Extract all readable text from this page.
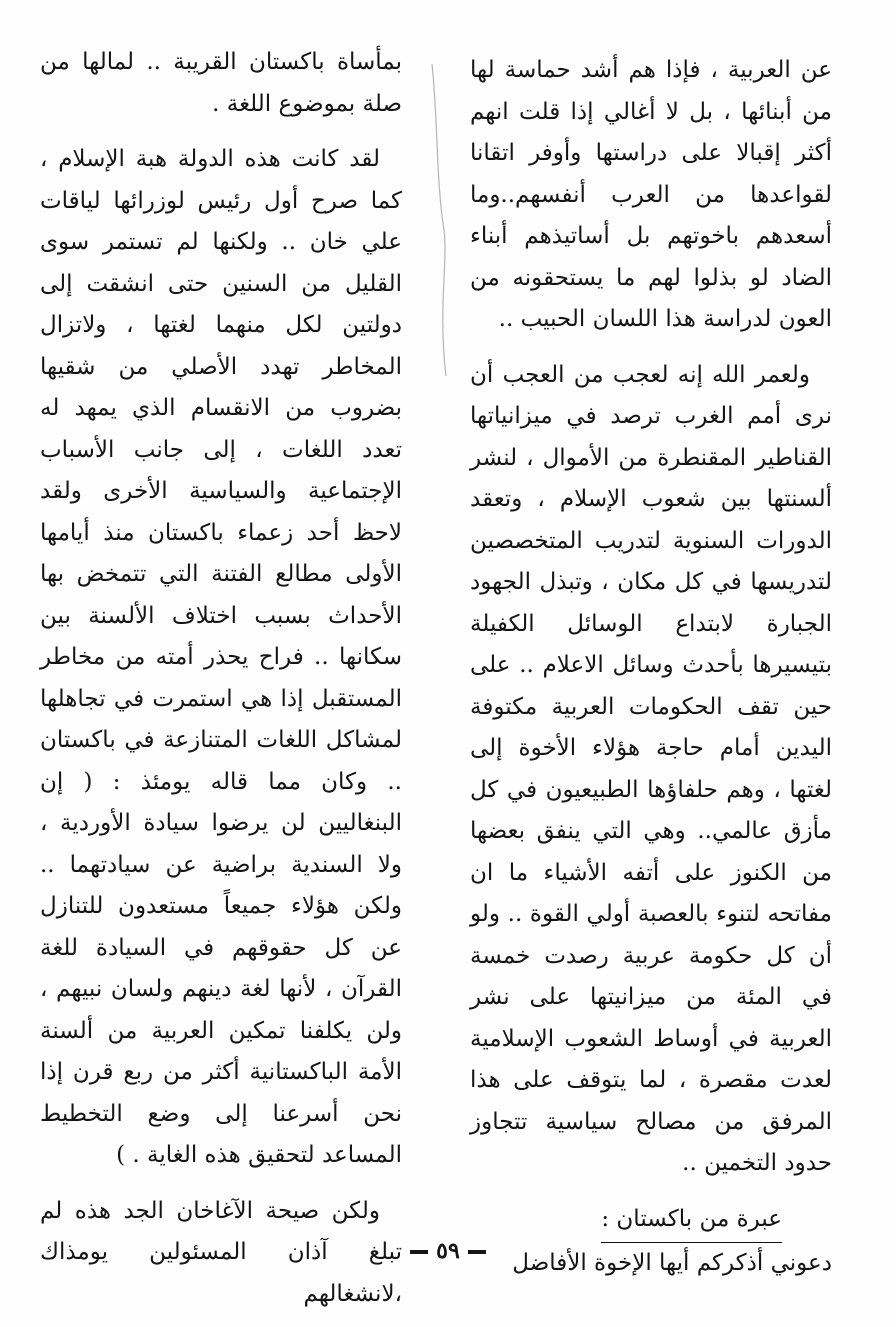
عن العربية ، فإذا هم أشد حماسة لها من أبنائها ، بل لا أغالي إذا قلت انهم أكثر إقبالا على دراستها وأوفر اتقانا لقواعدها من العرب أنفسهم..وما أسعدهم باخوتهم بل أساتيذهم أبناء الضاد لو بذلوا لهم ما يستحقونه من العون لدراسة هذا اللسان الحبيب ..

ولعمر الله إنه لعجب من العجب أن نرى أمم الغرب ترصد في ميزانياتها القناطير المقنطرة من الأموال ، لنشر ألسنتها بين شعوب الإسلام ، وتعقد الدورات السنوية لتدريب المتخصصين لتدريسها في كل مكان ، وتبذل الجهود الجبارة لابتداع الوسائل الكفيلة بتيسيرها بأحدث وسائل الاعلام .. على حين تقف الحكومات العربية مكتوفة اليدين أمام حاجة هؤلاء الأخوة إلى لغتها ، وهم حلفاؤها الطبيعيون في كل مأزق عالمي.. وهي التي ينفق بعضها من الكنوز على أتفه الأشياء ما ان مفاتحه لتنوء بالعصبة أولي القوة .. ولو أن كل حكومة عربية رصدت خمسة في المئة من ميزانيتها على نشر العربية في أوساط الشعوب الإسلامية لعدت مقصرة ، لما يتوقف على هذا المرفق من مصالح سياسية تتجاوز حدود التخمين ..

عبرة من باكستان :

دعوني أذكركم أيها الإخوة الأفاضل

بمأساة باكستان القريبة .. لمالها من صلة بموضوع اللغة .

لقد كانت هذه الدولة هبة الإسلام ، كما صرح أول رئيس لوزرائها لياقات علي خان .. ولكنها لم تستمر سوى القليل من السنين حتى انشقت إلى دولتين لكل منهما لغتها ، ولاتزال المخاطر تهدد الأصلي من شقيها بضروب من الانقسام الذي يمهد له تعدد اللغات ، إلى جانب الأسباب الإجتماعية والسياسية الأخرى ولقد لاحظ أحد زعماء باكستان منذ أيامها الأولى مطالع الفتنة التي تتمخض بها الأحداث بسبب اختلاف الألسنة بين سكانها .. فراح يحذر أمته من مخاطر المستقبل إذا هي استمرت في تجاهلها لمشاكل اللغات المتنازعة في باكستان .. وكان مما قاله يومئذ : ( إن البنغاليين لن يرضوا سيادة الأوردية ، ولا السندية براضية عن سيادتهما .. ولكن هؤلاء جميعاً مستعدون للتنازل عن كل حقوقهم في السيادة للغة القرآن ، لأنها لغة دينهم ولسان نبيهم ، ولن يكلفنا تمكين العربية من ألسنة الأمة الباكستانية أكثر من ربع قرن إذا نحن أسرعنا إلى وضع التخطيط المساعد لتحقيق هذه الغاية . )

ولكن صيحة الآغاخان الجد هذه لم تبلغ آذان المسئولين يومذاك ،لانشغالهم

٥٩
